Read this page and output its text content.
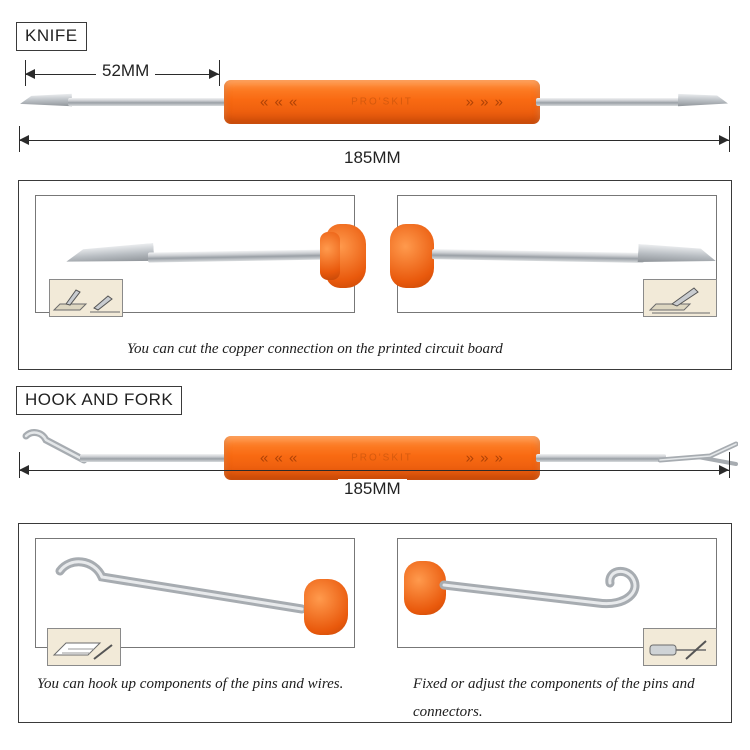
KNIFE
52MM
« « «	» » »
PRO'SKIT
185MM
You can cut the copper connection on the printed circuit board
HOOK AND FORK
« « «	» » »
PRO'SKIT
185MM
You can hook up components of the pins and wires.	Fixed or adjust the components of the pins and
connectors.
